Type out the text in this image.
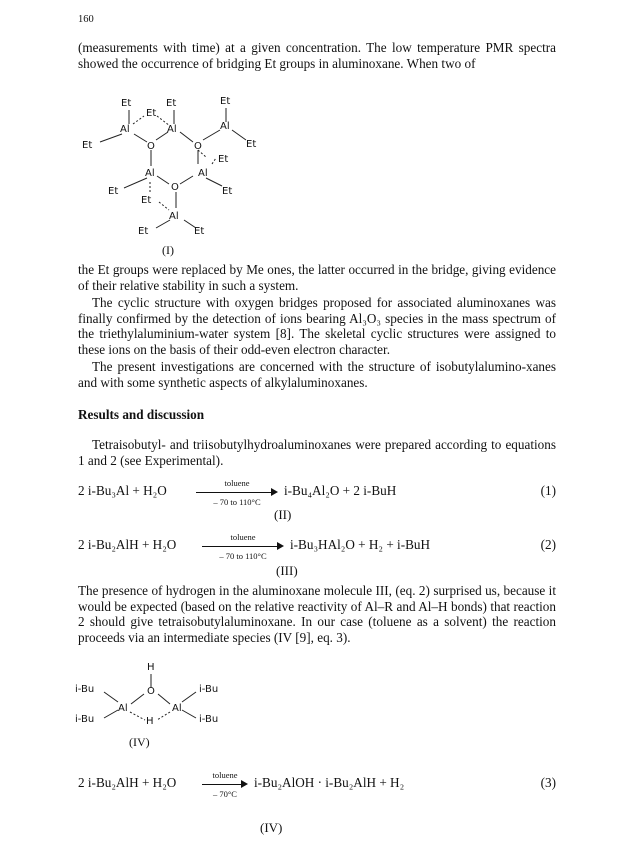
160
(measurements with time) at a given concentration. The low temperature PMR spectra showed the occurrence of bridging Et groups in aluminoxane. When two of
Et	Et	Et
Et
Al	Al	Al
Et	O	O	Et
Et
Al	Al
Et	O	Et
Et
Al
Et	Et
H
i-Bu	O	i-Bu
Al	Al
i-Bu	H	i-Bu
(I)
the Et groups were replaced by Me ones, the latter occurred in the bridge, giving evidence of their relative stability in such a system.
The cyclic structure with oxygen bridges proposed for associated aluminoxanes was finally confirmed by the detection of ions bearing Al₃O₃ species in the mass spectrum of the triethylaluminium-water system [8]. The skeletal cyclic structures were assigned to these ions on the basis of their odd-even electron character.
The present investigations are concerned with the structure of isobutylalumino-xanes and with some synthetic aspects of alkylaluminoxanes.
Results and discussion
Tetraisobutyl- and triisobutylhydroaluminoxanes were prepared according to equations 1 and 2 (see Experimental).
2 i-Bu₃Al + H₂O	toluene
– 70 to 110°C
i-Bu₄Al₂O + 2 i-BuH	(1)
(II)
2 i-Bu₂AlH + H₂O	toluene
– 70 to 110°C
i-Bu₃HAl₂O + H₂ + i-BuH	(2)
(III)
The presence of hydrogen in the aluminoxane molecule III, (eq. 2) surprised us, because it would be expected (based on the relative reactivity of Al–R and Al–H bonds) that reaction 2 should give tetraisobutylaluminoxane. In our case (toluene as a solvent) the reaction proceeds via an intermediate species (IV [9], eq. 3).
(IV)
2 i-Bu₂AlH + H₂O	toluene
– 70°C
i-Bu₂AlOH · i-Bu₂AlH + H₂	(3)
(IV)
